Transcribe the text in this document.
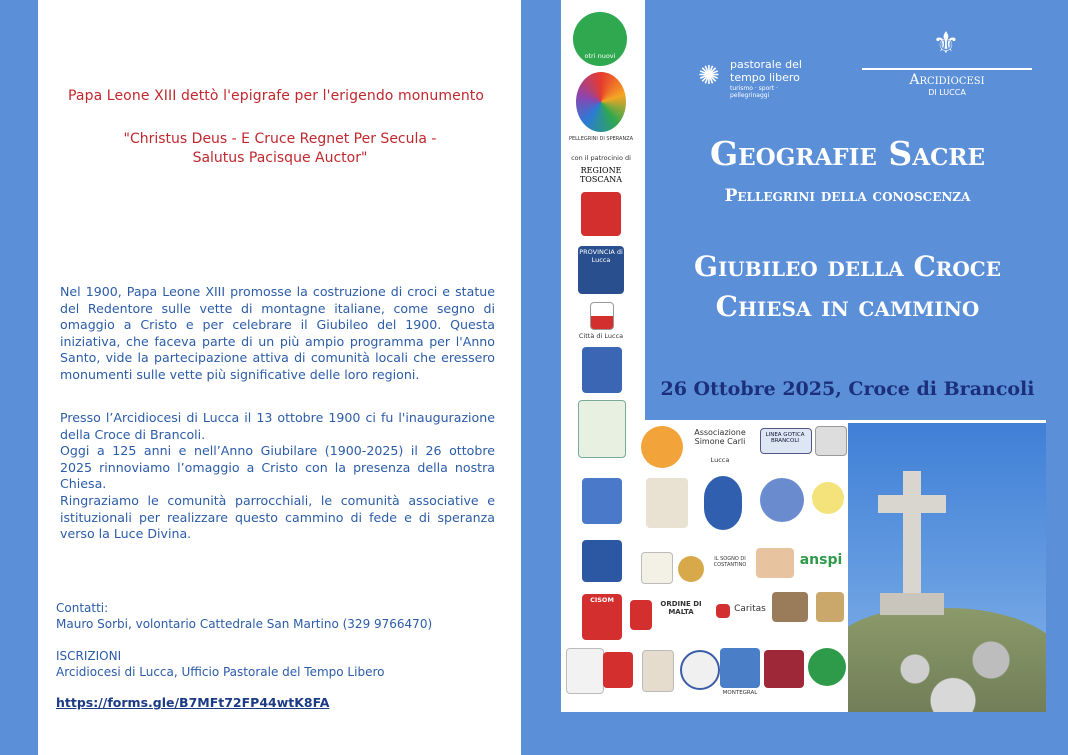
Papa Leone XIII dettò l'epigrafe per l'erigendo monumento
"Christus Deus - E Cruce Regnet Per Secula -
Salutus Pacisque Auctor"
Nel 1900, Papa Leone XIII promosse la costruzione di croci e statue del Redentore sulle vette di montagne italiane, come segno di omaggio a Cristo e per celebrare il Giubileo del 1900. Questa iniziativa, che faceva parte di un più ampio programma per l'Anno Santo, vide la partecipazione attiva di comunità locali che eressero monumenti sulle vette più significative delle loro regioni.
Presso l’Arcidiocesi di Lucca il 13 ottobre 1900 ci fu l'inaugurazione della Croce di Brancoli.
Oggi a 125 anni e nell’Anno Giubilare (1900-2025) il 26 ottobre 2025 rinnoviamo l’omaggio a Cristo con la presenza della nostra Chiesa.
Ringraziamo le comunità parrocchiali, le comunità associative e istituzionali per realizzare questo cammino di fede e di speranza verso la Luce Divina.
Contatti:
Mauro Sorbi, volontario Cattedrale San Martino (329 9766470)
ISCRIZIONI
Arcidiocesi di Lucca, Ufficio Pastorale del Tempo Libero
https://forms.gle/B7MFt72FP44wtK8FA
✺ pastorale del
tempo libero
turismo · sport · pellegrinaggi
⚜
Arcidiocesi
DI LUCCA
Geografie Sacre
Pellegrini della conoscenza
Giubileo della Croce
Chiesa in cammino
26 Ottobre 2025, Croce di Brancoli
otri nuovi
PELLEGRINI DI SPERANZA
con il patrocinio di
REGIONE TOSCANA
PROVINCIA di Lucca
Città di Lucca
CISOM
Associazione Simone Carli
Lucca
LINEA GOTICA BRANCOLI
IL SOGNO DI COSTANTINO	anspi
ORDINE DI MALTA	Caritas
MONTEGRAL
